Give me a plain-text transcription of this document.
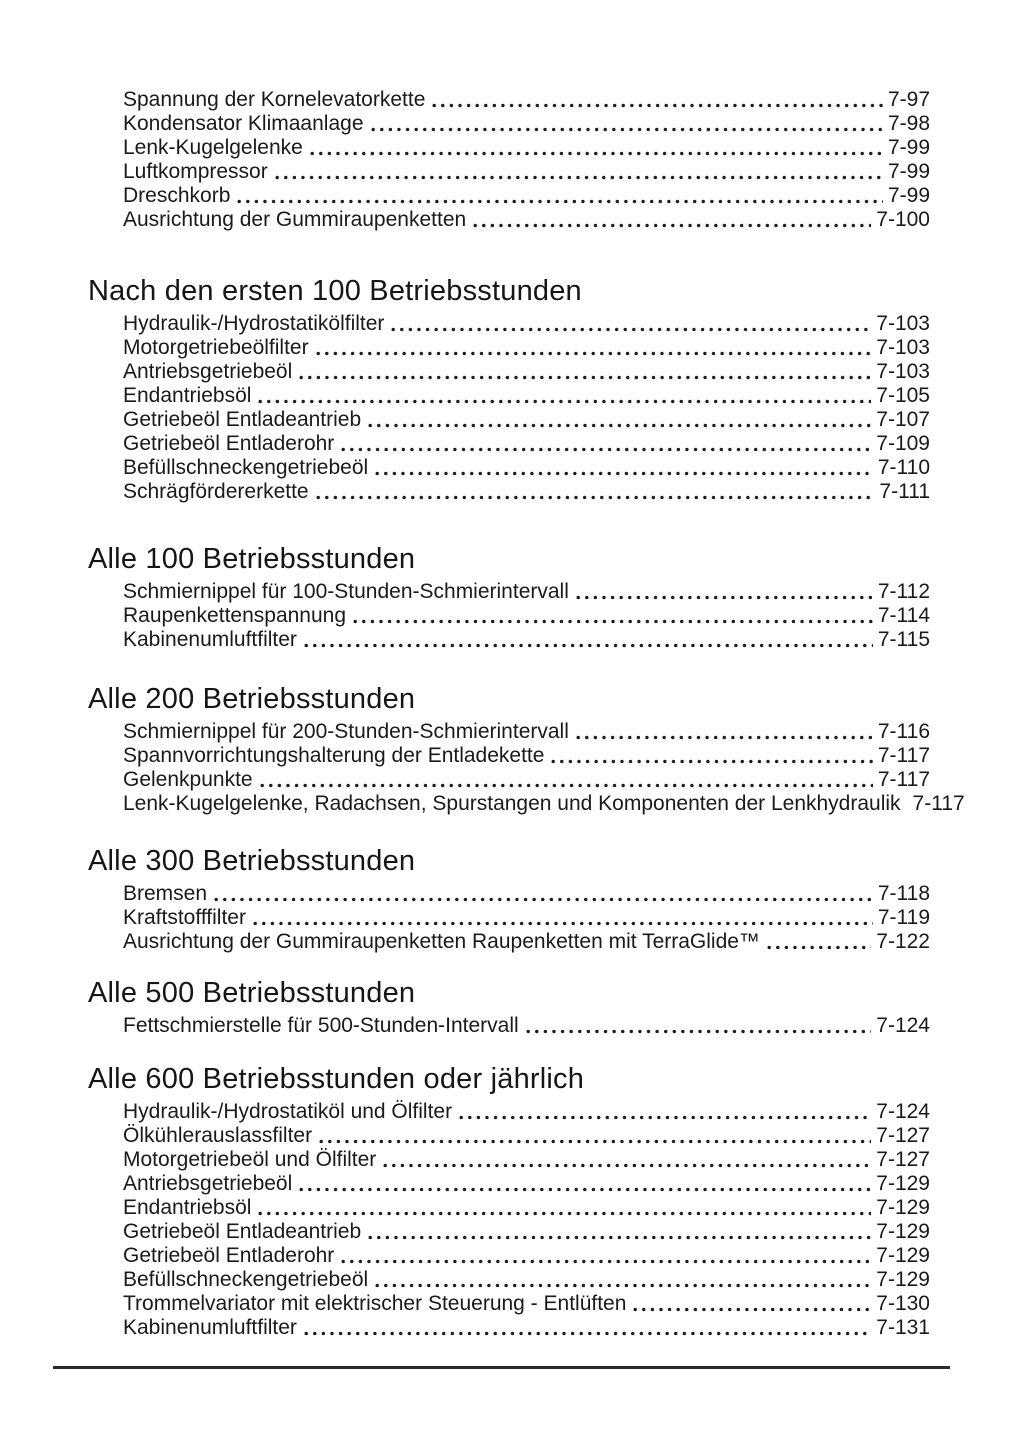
Spannung der Kornelevatorkette	7-97
Kondensator Klimaanlage	7-98
Lenk-Kugelgelenke	7-99
Luftkompressor	7-99
Dreschkorb	7-99
Ausrichtung der Gummiraupenketten	7-100
Nach den ersten 100 Betriebsstunden
Hydraulik-/Hydrostatikölfilter	7-103
Motorgetriebeölfilter	7-103
Antriebsgetriebeöl	7-103
Endantriebsöl	7-105
Getriebeöl Entladeantrieb	7-107
Getriebeöl Entladerohr	7-109
Befüllschneckengetriebeöl	7-110
Schrägfördererkette	7-111
Alle 100 Betriebsstunden
Schmiernippel für 100-Stunden-Schmierintervall	7-112
Raupenkettenspannung	7-114
Kabinenumluftfilter	7-115
Alle 200 Betriebsstunden
Schmiernippel für 200-Stunden-Schmierintervall	7-116
Spannvorrichtungshalterung der Entladekette	7-117
Gelenkpunkte	7-117
Lenk-Kugelgelenke, Radachsen, Spurstangen und Komponenten der Lenkhydraulik 7-117
Alle 300 Betriebsstunden
Bremsen	7-118
Kraftstofffilter	7-119
Ausrichtung der Gummiraupenketten Raupenketten mit TerraGlide™	7-122
Alle 500 Betriebsstunden
Fettschmierstelle für 500-Stunden-Intervall	7-124
Alle 600 Betriebsstunden oder jährlich
Hydraulik-/Hydrostatiköl und Ölfilter	7-124
Ölkühlerauslassfilter	7-127
Motorgetriebeöl und Ölfilter	7-127
Antriebsgetriebeöl	7-129
Endantriebsöl	7-129
Getriebeöl Entladeantrieb	7-129
Getriebeöl Entladerohr	7-129
Befüllschneckengetriebeöl	7-129
Trommelvariator mit elektrischer Steuerung - Entlüften	7-130
Kabinenumluftfilter	7-131
